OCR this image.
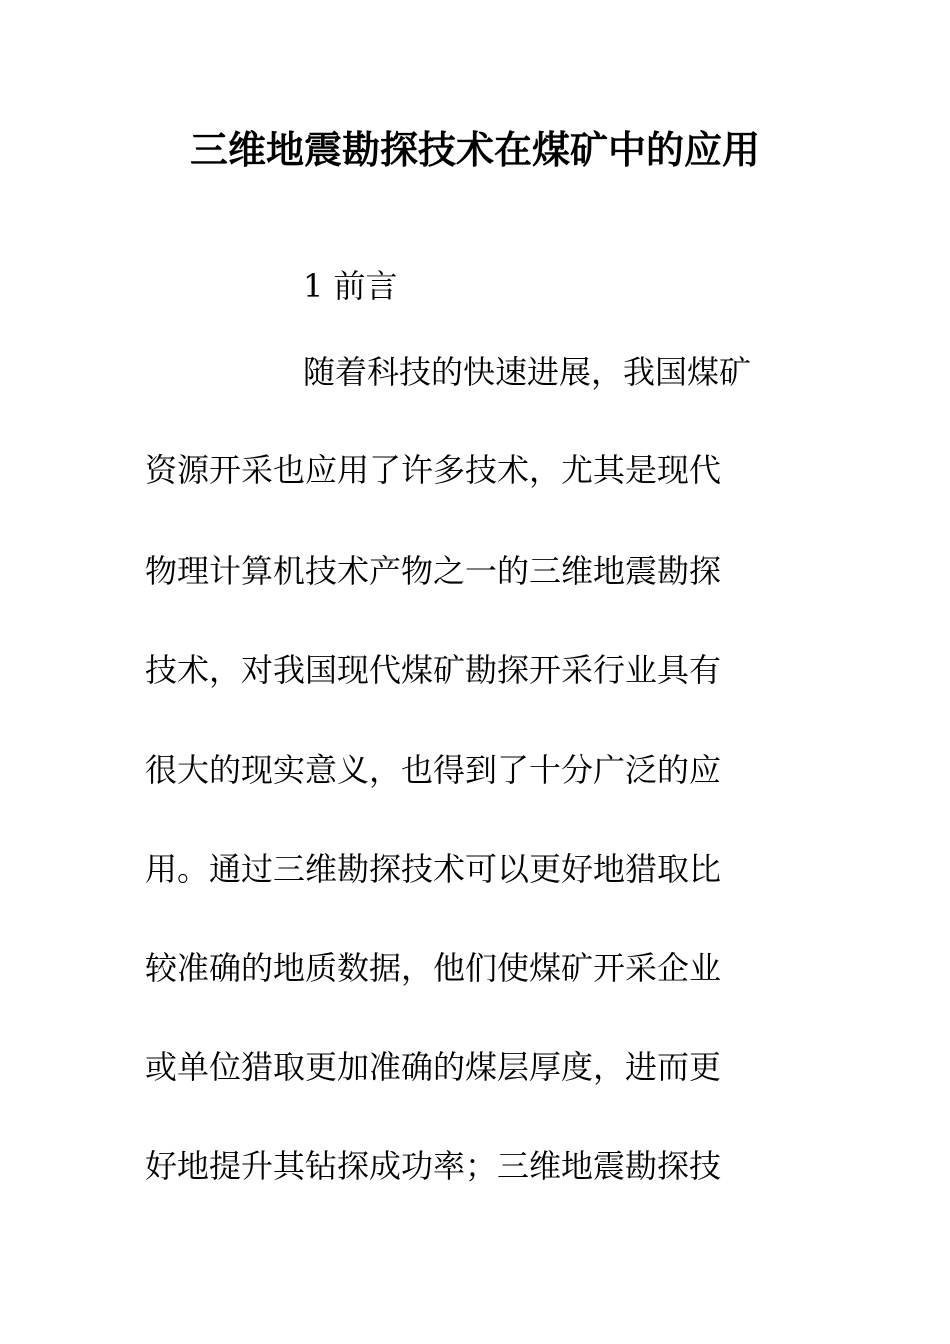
三维地震勘探技术在煤矿中的应用

1 前言

随着科技的快速进展，我国煤矿

资源开采也应用了许多技术，尤其是现代

物理计算机技术产物之一的三维地震勘探

技术，对我国现代煤矿勘探开采行业具有

很大的现实意义，也得到了十分广泛的应

用。通过三维勘探技术可以更好地猎取比

较准确的地质数据，他们使煤矿开采企业

或单位猎取更加准确的煤层厚度，进而更

好地提升其钻探成功率；三维地震勘探技
